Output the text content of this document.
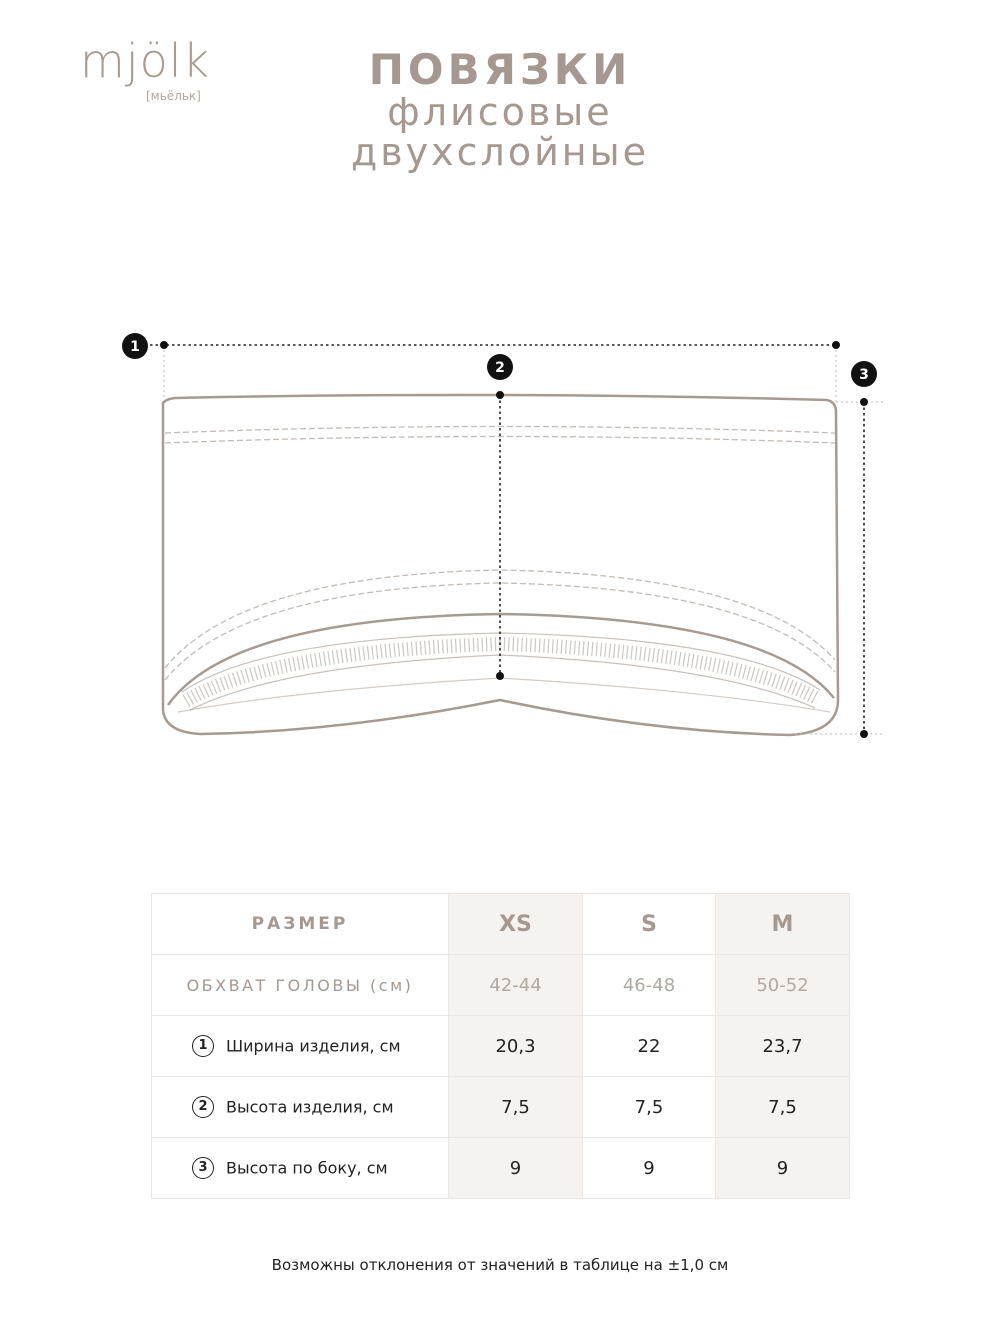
mjölk
[мьёльк]
ПОВЯЗКИ
флисовые
двухслойные
1
2	3
РАЗМЕР	XS	S	M
ОБХВАТ ГОЛОВЫ (см)	42-44	46-48	50-52
1 Ширина изделия, см	20,3	22	23,7
2 Высота изделия, см	7,5	7,5	7,5
3 Высота по боку, см	9	9	9
Возможны отклонения от значений в таблице на ±1,0 см
